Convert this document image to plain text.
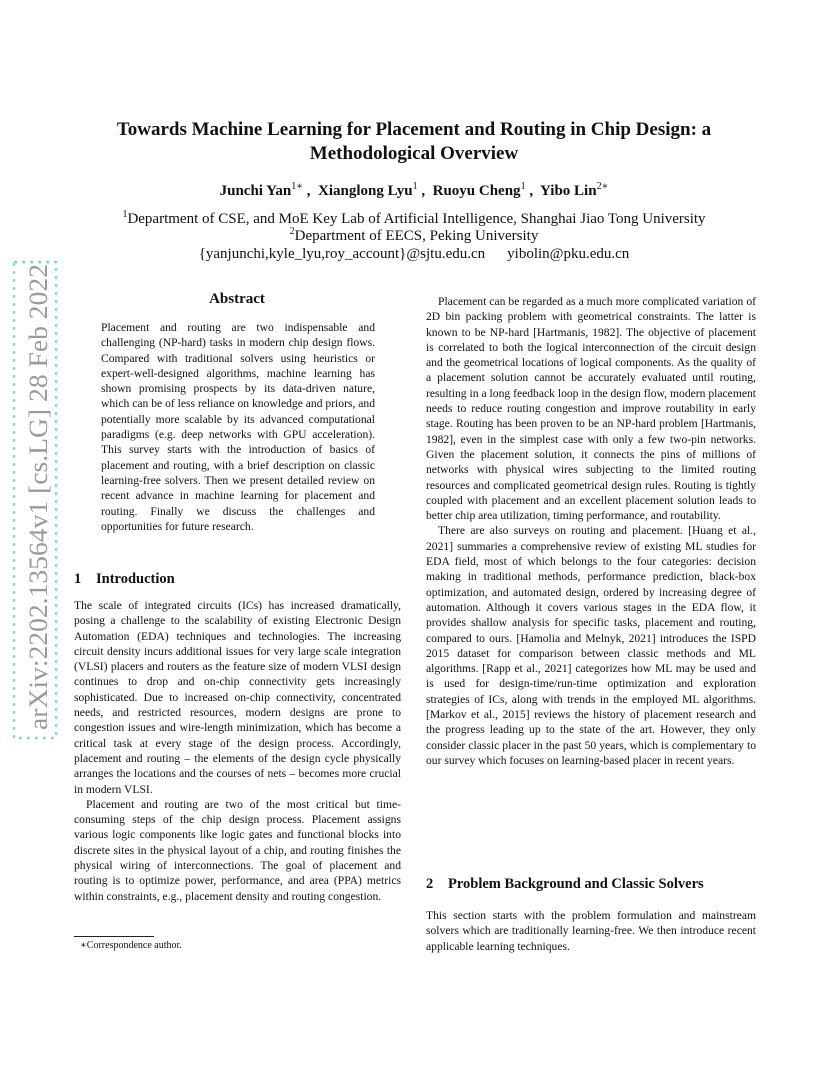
arXiv:2202.13564v1 [cs.LG] 28 Feb 2022
Towards Machine Learning for Placement and Routing in Chip Design: a
Methodological Overview
Junchi Yan$^{1∗}$ ,  Xianglong Lyu$^1$ ,  Ruoyu Cheng$^1$ ,  Yibo Lin$^{2∗}$
$^1$Department of CSE, and MoE Key Lab of Artificial Intelligence, Shanghai Jiao Tong University
$^2$Department of EECS, Peking University
{yanjunchi,kyle_lyu,roy_account}@sjtu.edu.cn yibolin@pku.edu.cn
Abstract
Placement and routing are two indispensable and challenging (NP-hard) tasks in modern chip design flows. Compared with traditional solvers using heuristics or expert-well-designed algorithms, machine learning has shown promising prospects by its data-driven nature, which can be of less reliance on knowledge and priors, and potentially more scalable by its advanced computational paradigms (e.g. deep networks with GPU acceleration). This survey starts with the introduction of basics of placement and routing, with a brief description on classic learning-free solvers. Then we present detailed review on recent advance in machine learning for placement and routing. Finally we discuss the challenges and opportunities for future research.
1 Introduction

The scale of integrated circuits (ICs) has increased dramatically, posing a challenge to the scalability of existing Electronic Design Automation (EDA) techniques and technologies. The increasing circuit density incurs additional issues for very large scale integration (VLSI) placers and routers as the feature size of modern VLSI design continues to drop and on-chip connectivity gets increasingly sophisticated. Due to increased on-chip connectivity, concentrated needs, and restricted resources, modern designs are prone to congestion issues and wire-length minimization, which has become a critical task at every stage of the design process. Accordingly, placement and routing – the elements of the design cycle physically arranges the locations and the courses of nets – becomes more crucial in modern VLSI.

Placement and routing are two of the most critical but time-consuming steps of the chip design process. Placement assigns various logic components like logic gates and functional blocks into discrete sites in the physical layout of a chip, and routing finishes the physical wiring of interconnections. The goal of placement and routing is to optimize power, performance, and area (PPA) metrics within constraints, e.g., placement density and routing congestion.

∗Correspondence author.

Placement can be regarded as a much more complicated variation of 2D bin packing problem with geometrical constraints. The latter is known to be NP-hard [Hartmanis, 1982]. The objective of placement is correlated to both the logical interconnection of the circuit design and the geometrical locations of logical components. As the quality of a placement solution cannot be accurately evaluated until routing, resulting in a long feedback loop in the design flow, modern placement needs to reduce routing congestion and improve routability in early stage. Routing has been proven to be an NP-hard problem [Hartmanis, 1982], even in the simplest case with only a few two-pin networks. Given the placement solution, it connects the pins of millions of networks with physical wires subjecting to the limited routing resources and complicated geometrical design rules. Routing is tightly coupled with placement and an excellent placement solution leads to better chip area utilization, timing performance, and routability.

There are also surveys on routing and placement. [Huang et al., 2021] summaries a comprehensive review of existing ML studies for EDA field, most of which belongs to the four categories: decision making in traditional methods, performance prediction, black-box optimization, and automated design, ordered by increasing degree of automation. Although it covers various stages in the EDA flow, it provides shallow analysis for specific tasks, placement and routing, compared to ours. [Hamolia and Melnyk, 2021] introduces the ISPD 2015 dataset for comparison between classic methods and ML algorithms. [Rapp et al., 2021] categorizes how ML may be used and is used for design-time/run-time optimization and exploration strategies of ICs, along with trends in the employed ML algorithms. [Markov et al., 2015] reviews the history of placement research and the progress leading up to the state of the art. However, they only consider classic placer in the past 50 years, which is complementary to our survey which focuses on learning-based placer in recent years.

2 Problem Background and Classic Solvers

This section starts with the problem formulation and mainstream solvers which are traditionally learning-free. We then introduce recent applicable learning techniques.
